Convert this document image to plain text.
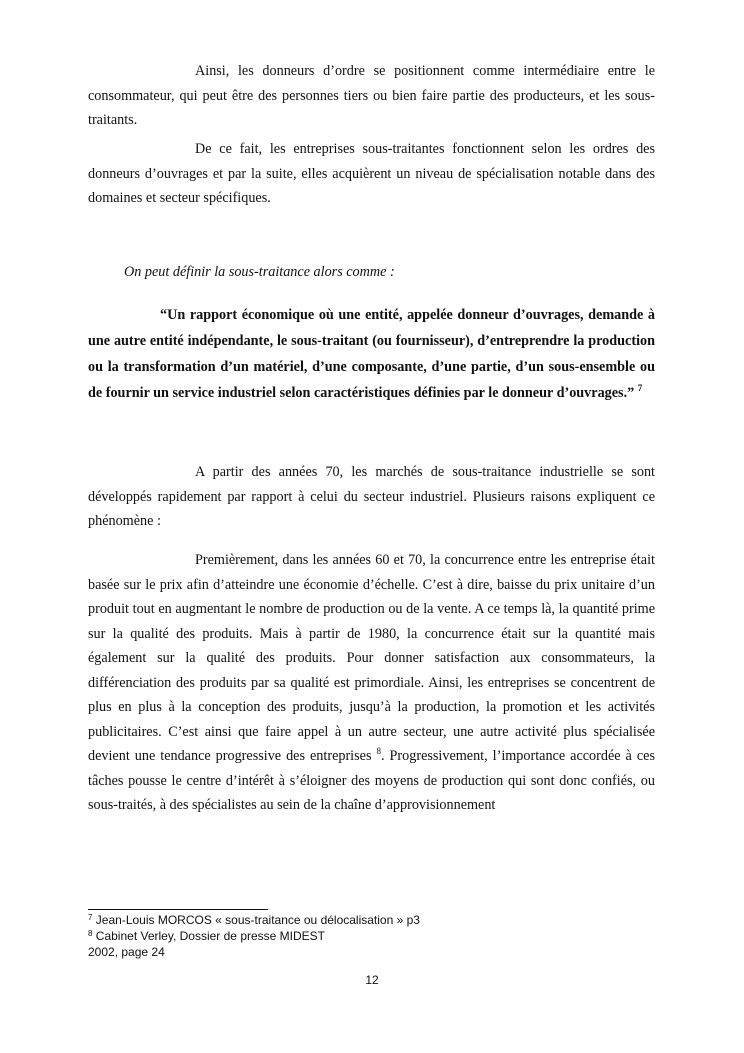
Ainsi, les donneurs d’ordre se positionnent comme intermédiaire entre le consommateur, qui peut être des personnes tiers ou bien faire partie des producteurs, et les sous-traitants.

De ce fait, les entreprises sous-traitantes fonctionnent selon les ordres des donneurs d’ouvrages et par la suite, elles acquièrent un niveau de spécialisation notable dans des domaines et secteur spécifiques.

On peut définir la sous-traitance alors comme :

“Un rapport économique où une entité, appelée donneur d’ouvrages, demande à une autre entité indépendante, le sous-traitant (ou fournisseur), d’entreprendre la production ou la transformation d’un matériel, d’une composante, d’une partie, d’un sous-ensemble ou de fournir un service industriel selon caractéristiques définies par le donneur d’ouvrages.” $^7$

A partir des années 70, les marchés de sous-traitance industrielle se sont développés rapidement par rapport à celui du secteur industriel. Plusieurs raisons expliquent ce phénomène :

Premièrement, dans les années 60 et 70, la concurrence entre les entreprise était basée sur le prix afin d’atteindre une économie d’échelle. C’est à dire, baisse du prix unitaire d’un produit tout en augmentant le nombre de production ou de la vente. A ce temps là, la quantité prime sur la qualité des produits. Mais à partir de 1980, la concurrence était sur la quantité mais également sur la qualité des produits. Pour donner satisfaction aux consommateurs, la différenciation des produits par sa qualité est primordiale. Ainsi, les entreprises se concentrent de plus en plus à la conception des produits, jusqu’à la production, la promotion et les activités publicitaires. C’est ainsi que faire appel à un autre secteur, une autre activité plus spécialisée devient une tendance progressive des entreprises $^8$. Progressivement, l’importance accordée à ces tâches pousse le centre d’intérêt à s’éloigner des moyens de production qui sont donc confiés, ou sous-traités, à des spécialistes au sein de la chaîne d’approvisionnement

$^7$ Jean-Louis MORCOS « sous-traitance ou délocalisation » p3
$^8$ Cabinet Verley, Dossier de presse MIDEST
2002, page 24
12
